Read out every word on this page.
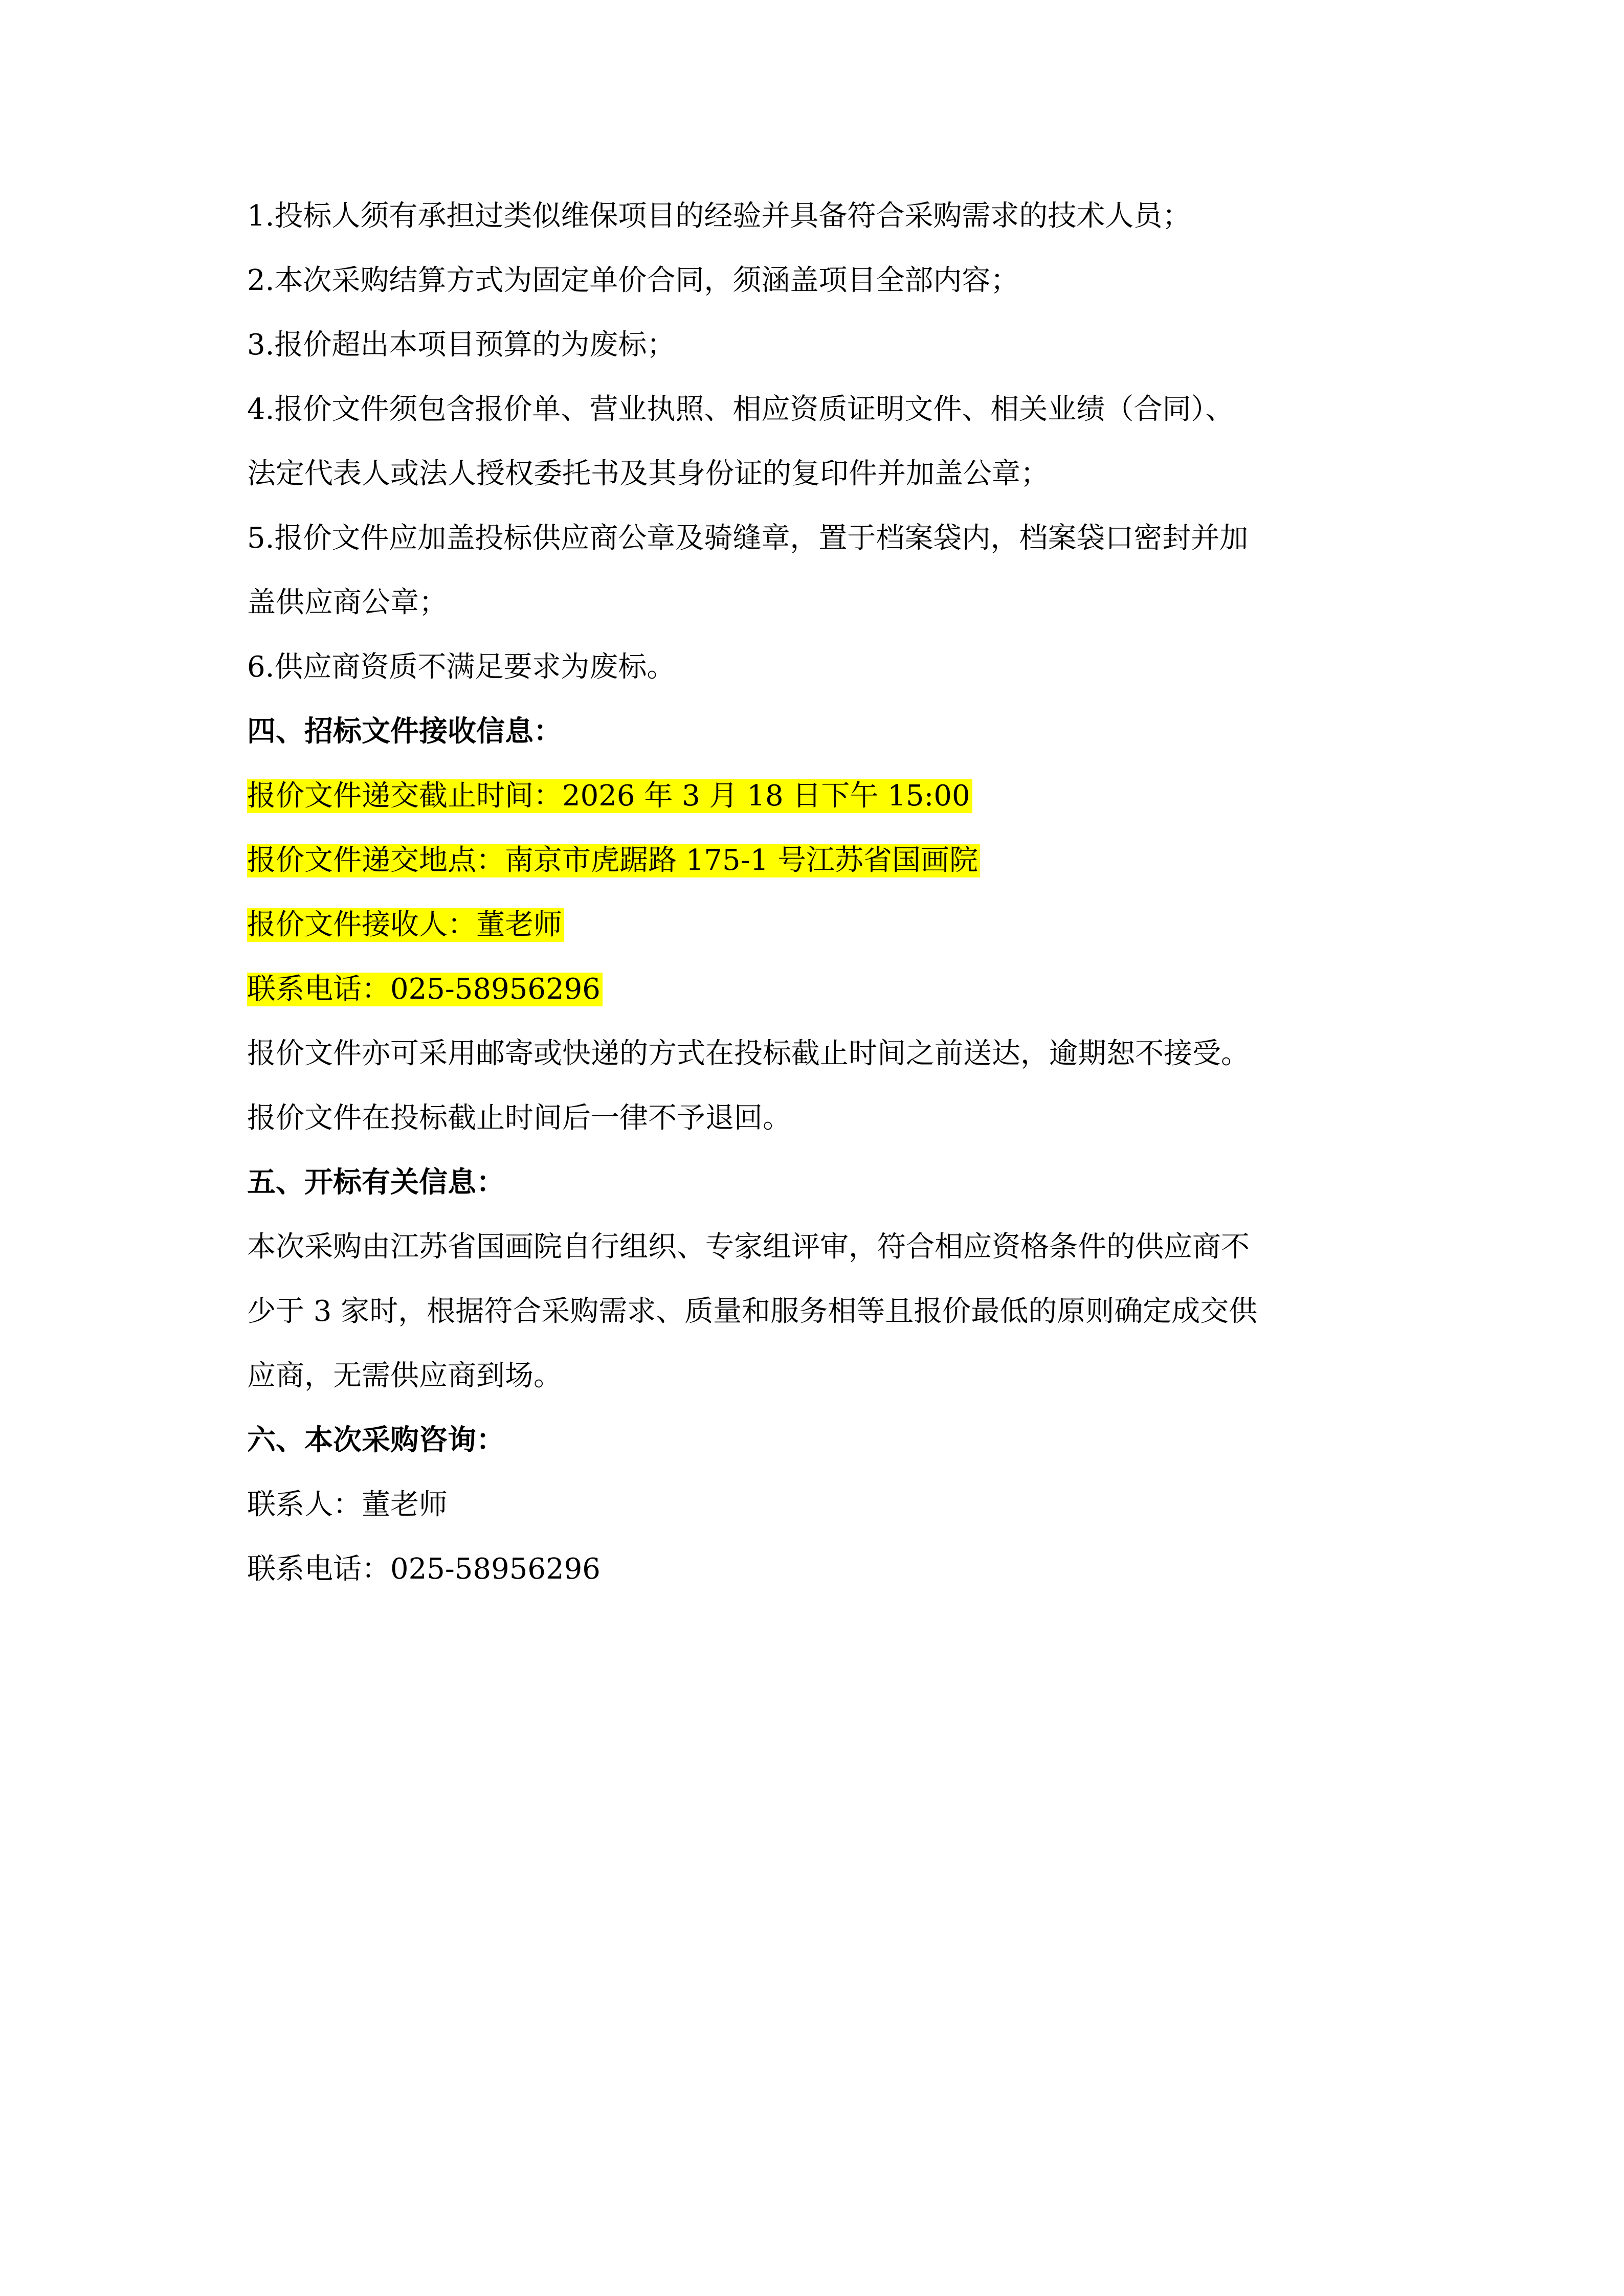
1.投标人须有承担过类似维保项目的经验并具备符合采购需求的技术人员；
2.本次采购结算方式为固定单价合同，须涵盖项目全部内容；
3.报价超出本项目预算的为废标；
4.报价文件须包含报价单、营业执照、相应资质证明文件、相关业绩（合同）、
法定代表人或法人授权委托书及其身份证的复印件并加盖公章；
5.报价文件应加盖投标供应商公章及骑缝章，置于档案袋内，档案袋口密封并加
盖供应商公章；
6.供应商资质不满足要求为废标。
四、招标文件接收信息：
报价文件递交截止时间：2026 年 3 月 18 日下午 15:00
报价文件递交地点：南京市虎踞路 175-1 号江苏省国画院
报价文件接收人：董老师
联系电话：025-58956296
报价文件亦可采用邮寄或快递的方式在投标截止时间之前送达，逾期恕不接受。
报价文件在投标截止时间后一律不予退回。
五、开标有关信息：
本次采购由江苏省国画院自行组织、专家组评审，符合相应资格条件的供应商不
少于 3 家时，根据符合采购需求、质量和服务相等且报价最低的原则确定成交供
应商，无需供应商到场。
六、本次采购咨询：
联系人：董老师
联系电话：025-58956296
